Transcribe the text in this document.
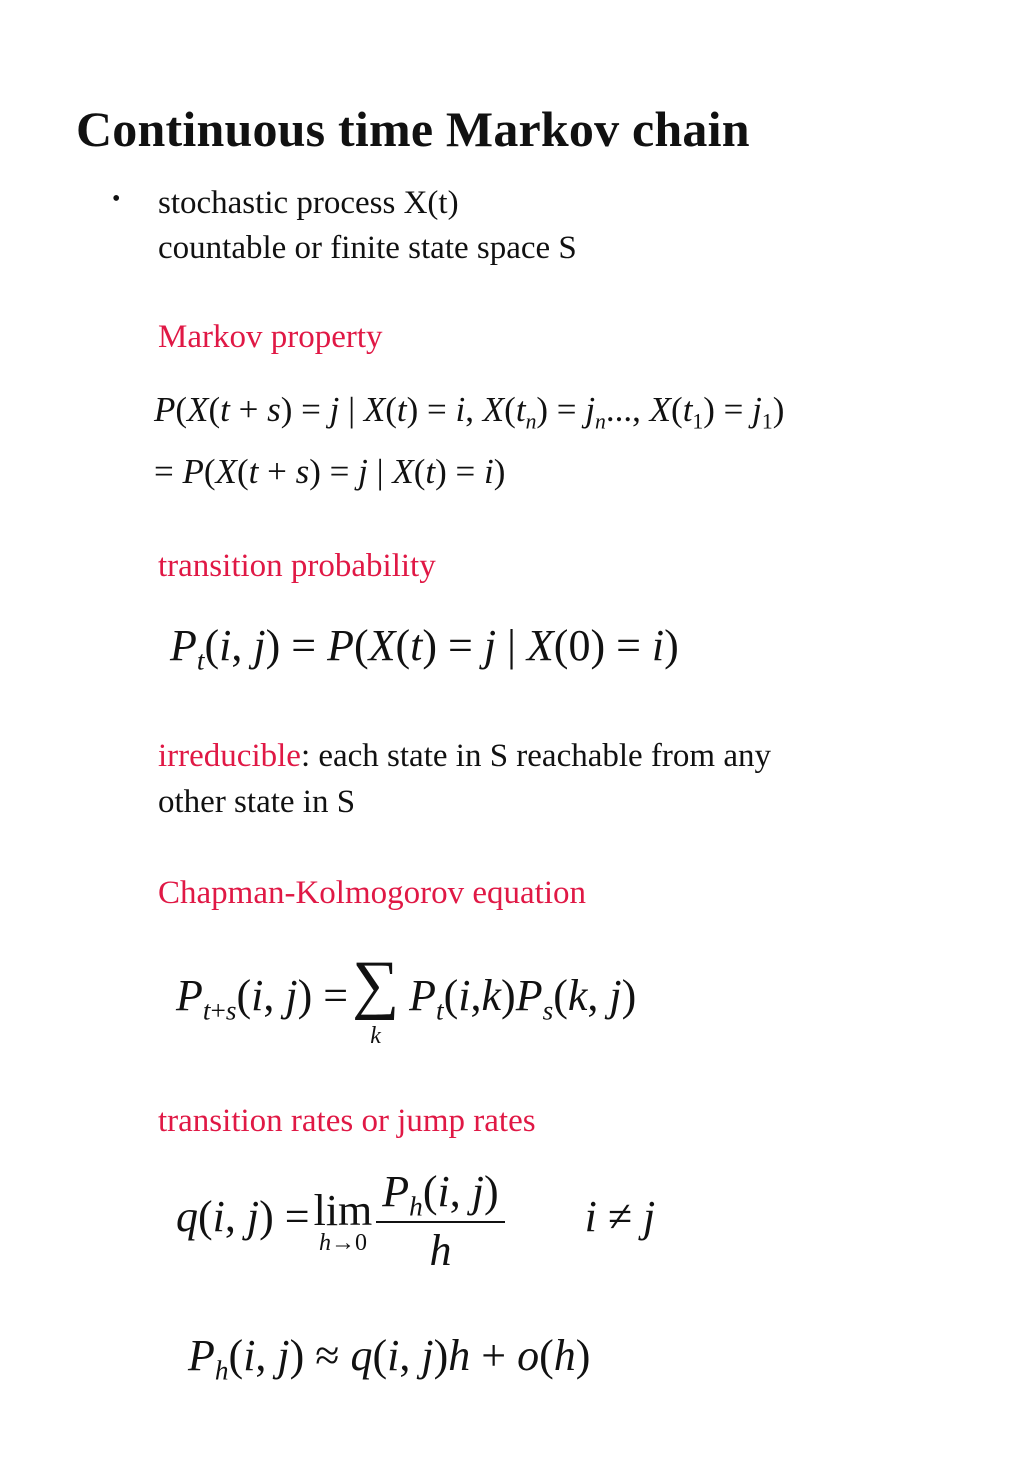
Continuous time Markov chain
• stochastic process X(t)
countable or finite state space S
Markov property
P(X(t + s) = j | X(t) = i, $X(t_n) = j_n$..., $X(t_1) = j_1$)
= P(X(t + s) = j | X(t) = i)
transition probability
$P_t(i$, j) = P(X(t) = j | X(0) = i)
irreducible: each state in S reachable from any
other state in S
Chapman-Kolmogorov equation
$P_{t+s}(i$, j) = ∑
k
$P_t(i,k)P_s(k$, j)
transition rates or jump rates
q(i, j) =lim
$h\to 0 \frac{P_h(i, j)}{h}$ i ≠ j
$P_h(i$, j) ≈ q(i, j)h + o(h)
